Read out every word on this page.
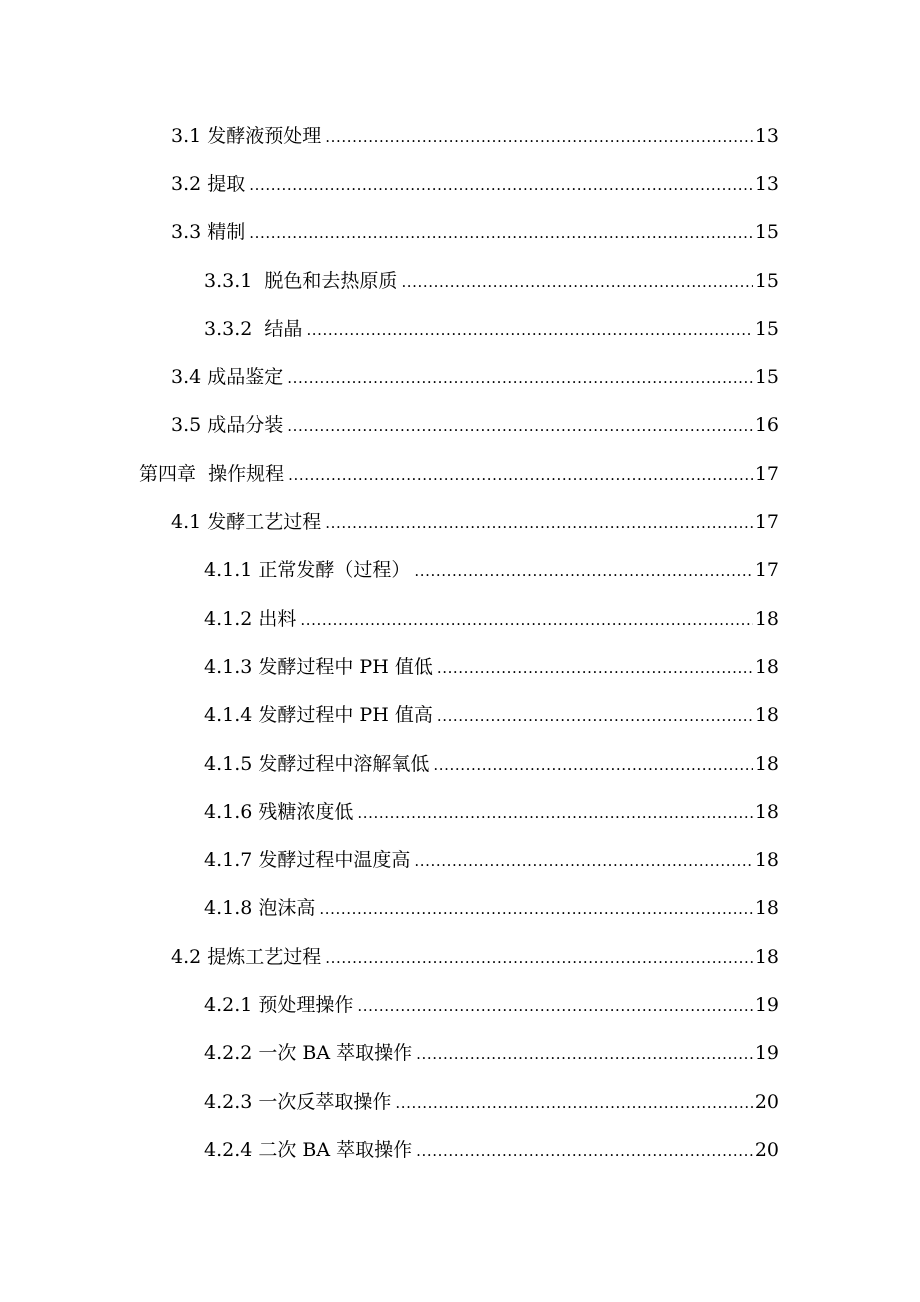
3.1 发酵液预处理 .....	13
3.2 提取 .....	13
3.3 精制 .....	15
3.3.1  脱色和去热原质 .....	15
3.3.2  结晶 .....	15
3.4 成品鉴定 .....	15
3.5 成品分装 .....	16
第四章  操作规程 .....	17
4.1 发酵工艺过程 .....	17
4.1.1 正常发酵（过程） .....	17
4.1.2 出料 .....	18
4.1.3 发酵过程中 PH 值低 .....	18
4.1.4 发酵过程中 PH 值高 .....	18
4.1.5 发酵过程中溶解氧低 .....	18
4.1.6 残糖浓度低 .....	18
4.1.7 发酵过程中温度高 .....	18
4.1.8 泡沫高 .....	18
4.2 提炼工艺过程 .....	18
4.2.1 预处理操作 .....	19
4.2.2 一次 BA 萃取操作 .....	19
4.2.3 一次反萃取操作 .....	20
4.2.4 二次 BA 萃取操作 .....	20
